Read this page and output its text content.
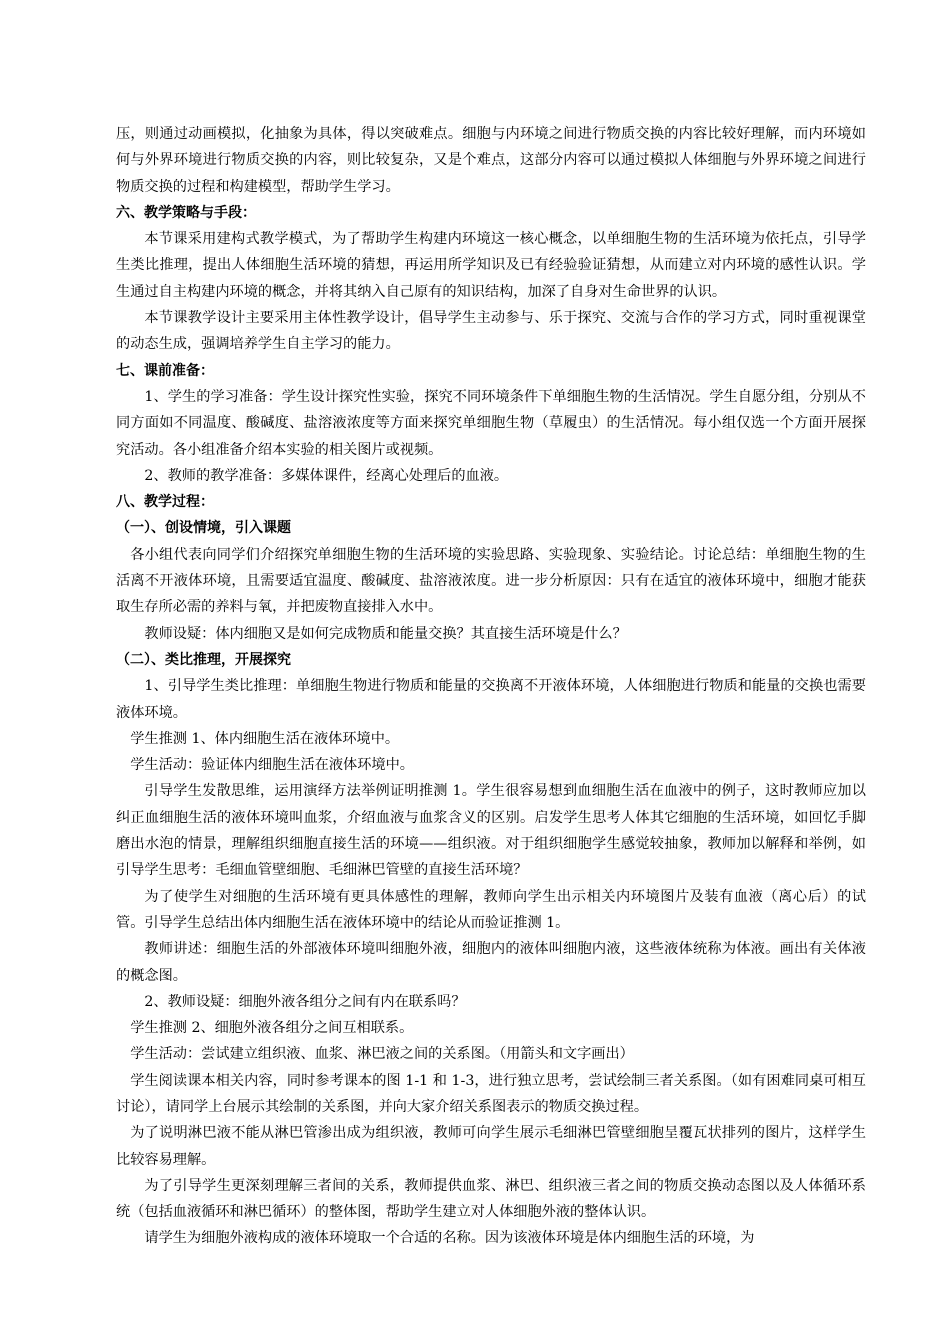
压，则通过动画模拟，化抽象为具体，得以突破难点。细胞与内环境之间进行物质交换的内容比较好理解，而内环境如何与外界环境进行物质交换的内容，则比较复杂，又是个难点，这部分内容可以通过模拟人体细胞与外界环境之间进行物质交换的过程和构建模型，帮助学生学习。

六、教学策略与手段：

本节课采用建构式教学模式，为了帮助学生构建内环境这一核心概念，以单细胞生物的生活环境为依托点，引导学生类比推理，提出人体细胞生活环境的猜想，再运用所学知识及已有经验验证猜想，从而建立对内环境的感性认识。学生通过自主构建内环境的概念，并将其纳入自己原有的知识结构，加深了自身对生命世界的认识。

本节课教学设计主要采用主体性教学设计，倡导学生主动参与、乐于探究、交流与合作的学习方式，同时重视课堂的动态生成，强调培养学生自主学习的能力。

七、课前准备：

1、学生的学习准备：学生设计探究性实验，探究不同环境条件下单细胞生物的生活情况。学生自愿分组，分别从不同方面如不同温度、酸碱度、盐溶液浓度等方面来探究单细胞生物（草履虫）的生活情况。每小组仅选一个方面开展探究活动。各小组准备介绍本实验的相关图片或视频。

2、教师的教学准备：多媒体课件，经离心处理后的血液。

八、教学过程：

（一）、创设情境，引入课题

各小组代表向同学们介绍探究单细胞生物的生活环境的实验思路、实验现象、实验结论。讨论总结：单细胞生物的生活离不开液体环境，且需要适宜温度、酸碱度、盐溶液浓度。进一步分析原因：只有在适宜的液体环境中，细胞才能获取生存所必需的养料与氧，并把废物直接排入水中。

教师设疑：体内细胞又是如何完成物质和能量交换？其直接生活环境是什么？

（二）、类比推理，开展探究

1、引导学生类比推理：单细胞生物进行物质和能量的交换离不开液体环境，人体细胞进行物质和能量的交换也需要液体环境。

学生推测 1、体内细胞生活在液体环境中。

学生活动：验证体内细胞生活在液体环境中。

引导学生发散思维，运用演绎方法举例证明推测 1。学生很容易想到血细胞生活在血液中的例子，这时教师应加以纠正血细胞生活的液体环境叫血浆，介绍血液与血浆含义的区别。启发学生思考人体其它细胞的生活环境，如回忆手脚磨出水泡的情景，理解组织细胞直接生活的环境——组织液。对于组织细胞学生感觉较抽象，教师加以解释和举例，如引导学生思考：毛细血管壁细胞、毛细淋巴管壁的直接生活环境？

为了使学生对细胞的生活环境有更具体感性的理解，教师向学生出示相关内环境图片及装有血液（离心后）的试管。引导学生总结出体内细胞生活在液体环境中的结论从而验证推测 1。

教师讲述：细胞生活的外部液体环境叫细胞外液，细胞内的液体叫细胞内液，这些液体统称为体液。画出有关体液的概念图。

2、教师设疑：细胞外液各组分之间有内在联系吗？

学生推测 2、细胞外液各组分之间互相联系。

学生活动：尝试建立组织液、血浆、淋巴液之间的关系图。（用箭头和文字画出）

学生阅读课本相关内容，同时参考课本的图 1-1 和 1-3，进行独立思考，尝试绘制三者关系图。（如有困难同桌可相互讨论），请同学上台展示其绘制的关系图，并向大家介绍关系图表示的物质交换过程。

为了说明淋巴液不能从淋巴管渗出成为组织液，教师可向学生展示毛细淋巴管壁细胞呈覆瓦状排列的图片，这样学生比较容易理解。

为了引导学生更深刻理解三者间的关系，教师提供血浆、淋巴、组织液三者之间的物质交换动态图以及人体循环系统（包括血液循环和淋巴循环）的整体图，帮助学生建立对人体细胞外液的整体认识。

请学生为细胞外液构成的液体环境取一个合适的名称。因为该液体环境是体内细胞生活的环境，为
